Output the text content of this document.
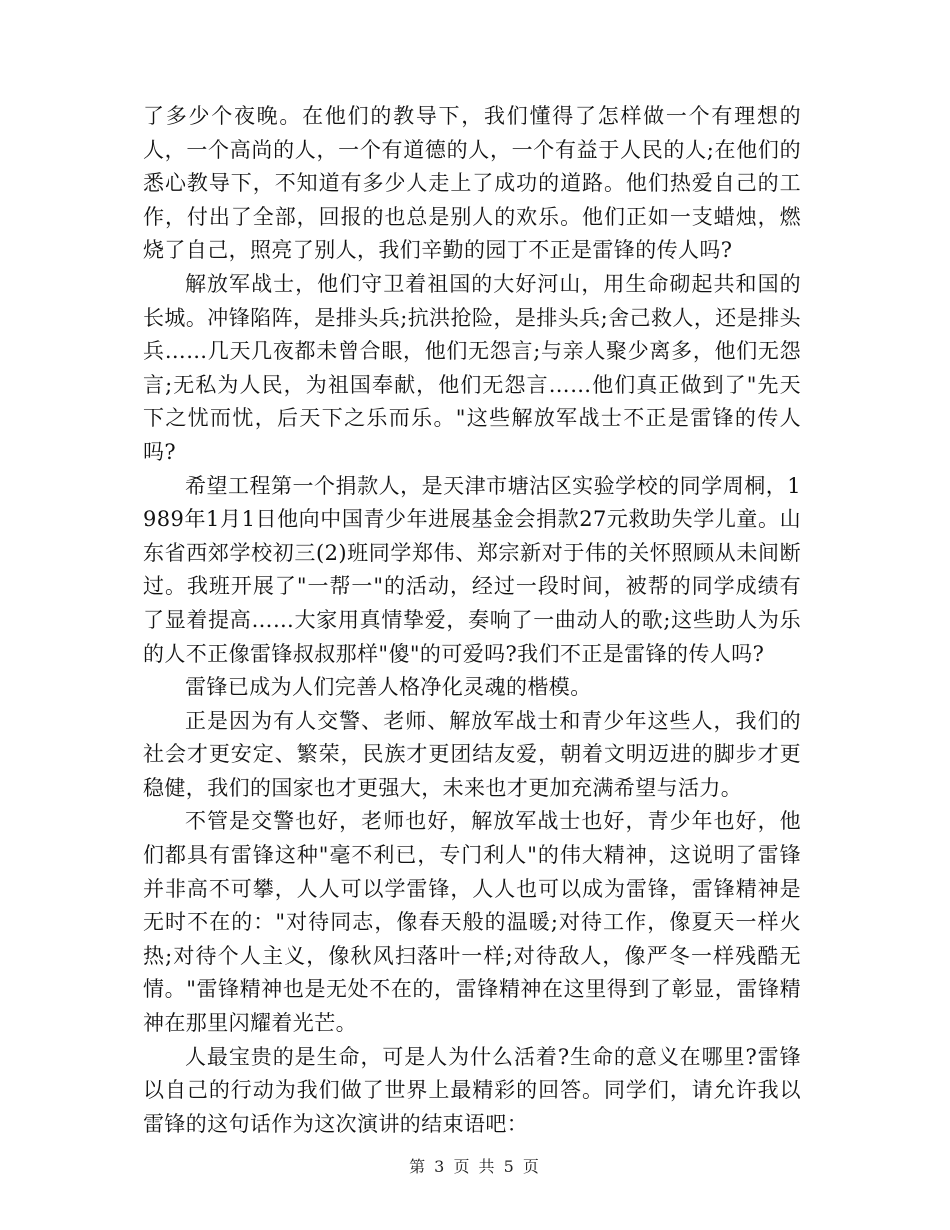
了多少个夜晚。在他们的教导下，我们懂得了怎样做一个有理想的人，一个高尚的人，一个有道德的人，一个有益于人民的人;在他们的悉心教导下，不知道有多少人走上了成功的道路。他们热爱自己的工作，付出了全部，回报的也总是别人的欢乐。他们正如一支蜡烛，燃烧了自己，照亮了别人，我们辛勤的园丁不正是雷锋的传人吗?

解放军战士，他们守卫着祖国的大好河山，用生命砌起共和国的长城。冲锋陷阵，是排头兵;抗洪抢险，是排头兵;舍己救人，还是排头兵……几天几夜都未曾合眼，他们无怨言;与亲人聚少离多，他们无怨言;无私为人民，为祖国奉献，他们无怨言……他们真正做到了"先天下之忧而忧，后天下之乐而乐。"这些解放军战士不正是雷锋的传人吗?

希望工程第一个捐款人，是天津市塘沽区实验学校的同学周桐，1989年1月1日他向中国青少年进展基金会捐款27元救助失学儿童。山东省西郊学校初三(2)班同学郑伟、郑宗新对于伟的关怀照顾从未间断过。我班开展了"一帮一"的活动，经过一段时间，被帮的同学成绩有了显着提高……大家用真情挚爱，奏响了一曲动人的歌;这些助人为乐的人不正像雷锋叔叔那样"傻"的可爱吗?我们不正是雷锋的传人吗?

雷锋已成为人们完善人格净化灵魂的楷模。

正是因为有人交警、老师、解放军战士和青少年这些人，我们的社会才更安定、繁荣，民族才更团结友爱，朝着文明迈进的脚步才更稳健，我们的国家也才更强大，未来也才更加充满希望与活力。

不管是交警也好，老师也好，解放军战士也好，青少年也好，他们都具有雷锋这种"毫不利已，专门利人"的伟大精神，这说明了雷锋并非高不可攀，人人可以学雷锋，人人也可以成为雷锋，雷锋精神是无时不在的："对待同志，像春天般的温暖;对待工作，像夏天一样火热;对待个人主义，像秋风扫落叶一样;对待敌人，像严冬一样残酷无情。"雷锋精神也是无处不在的，雷锋精神在这里得到了彰显，雷锋精神在那里闪耀着光芒。

人最宝贵的是生命，可是人为什么活着?生命的意义在哪里?雷锋以自己的行动为我们做了世界上最精彩的回答。同学们，请允许我以雷锋的这句话作为这次演讲的结束语吧：

第 3 页 共 5 页
